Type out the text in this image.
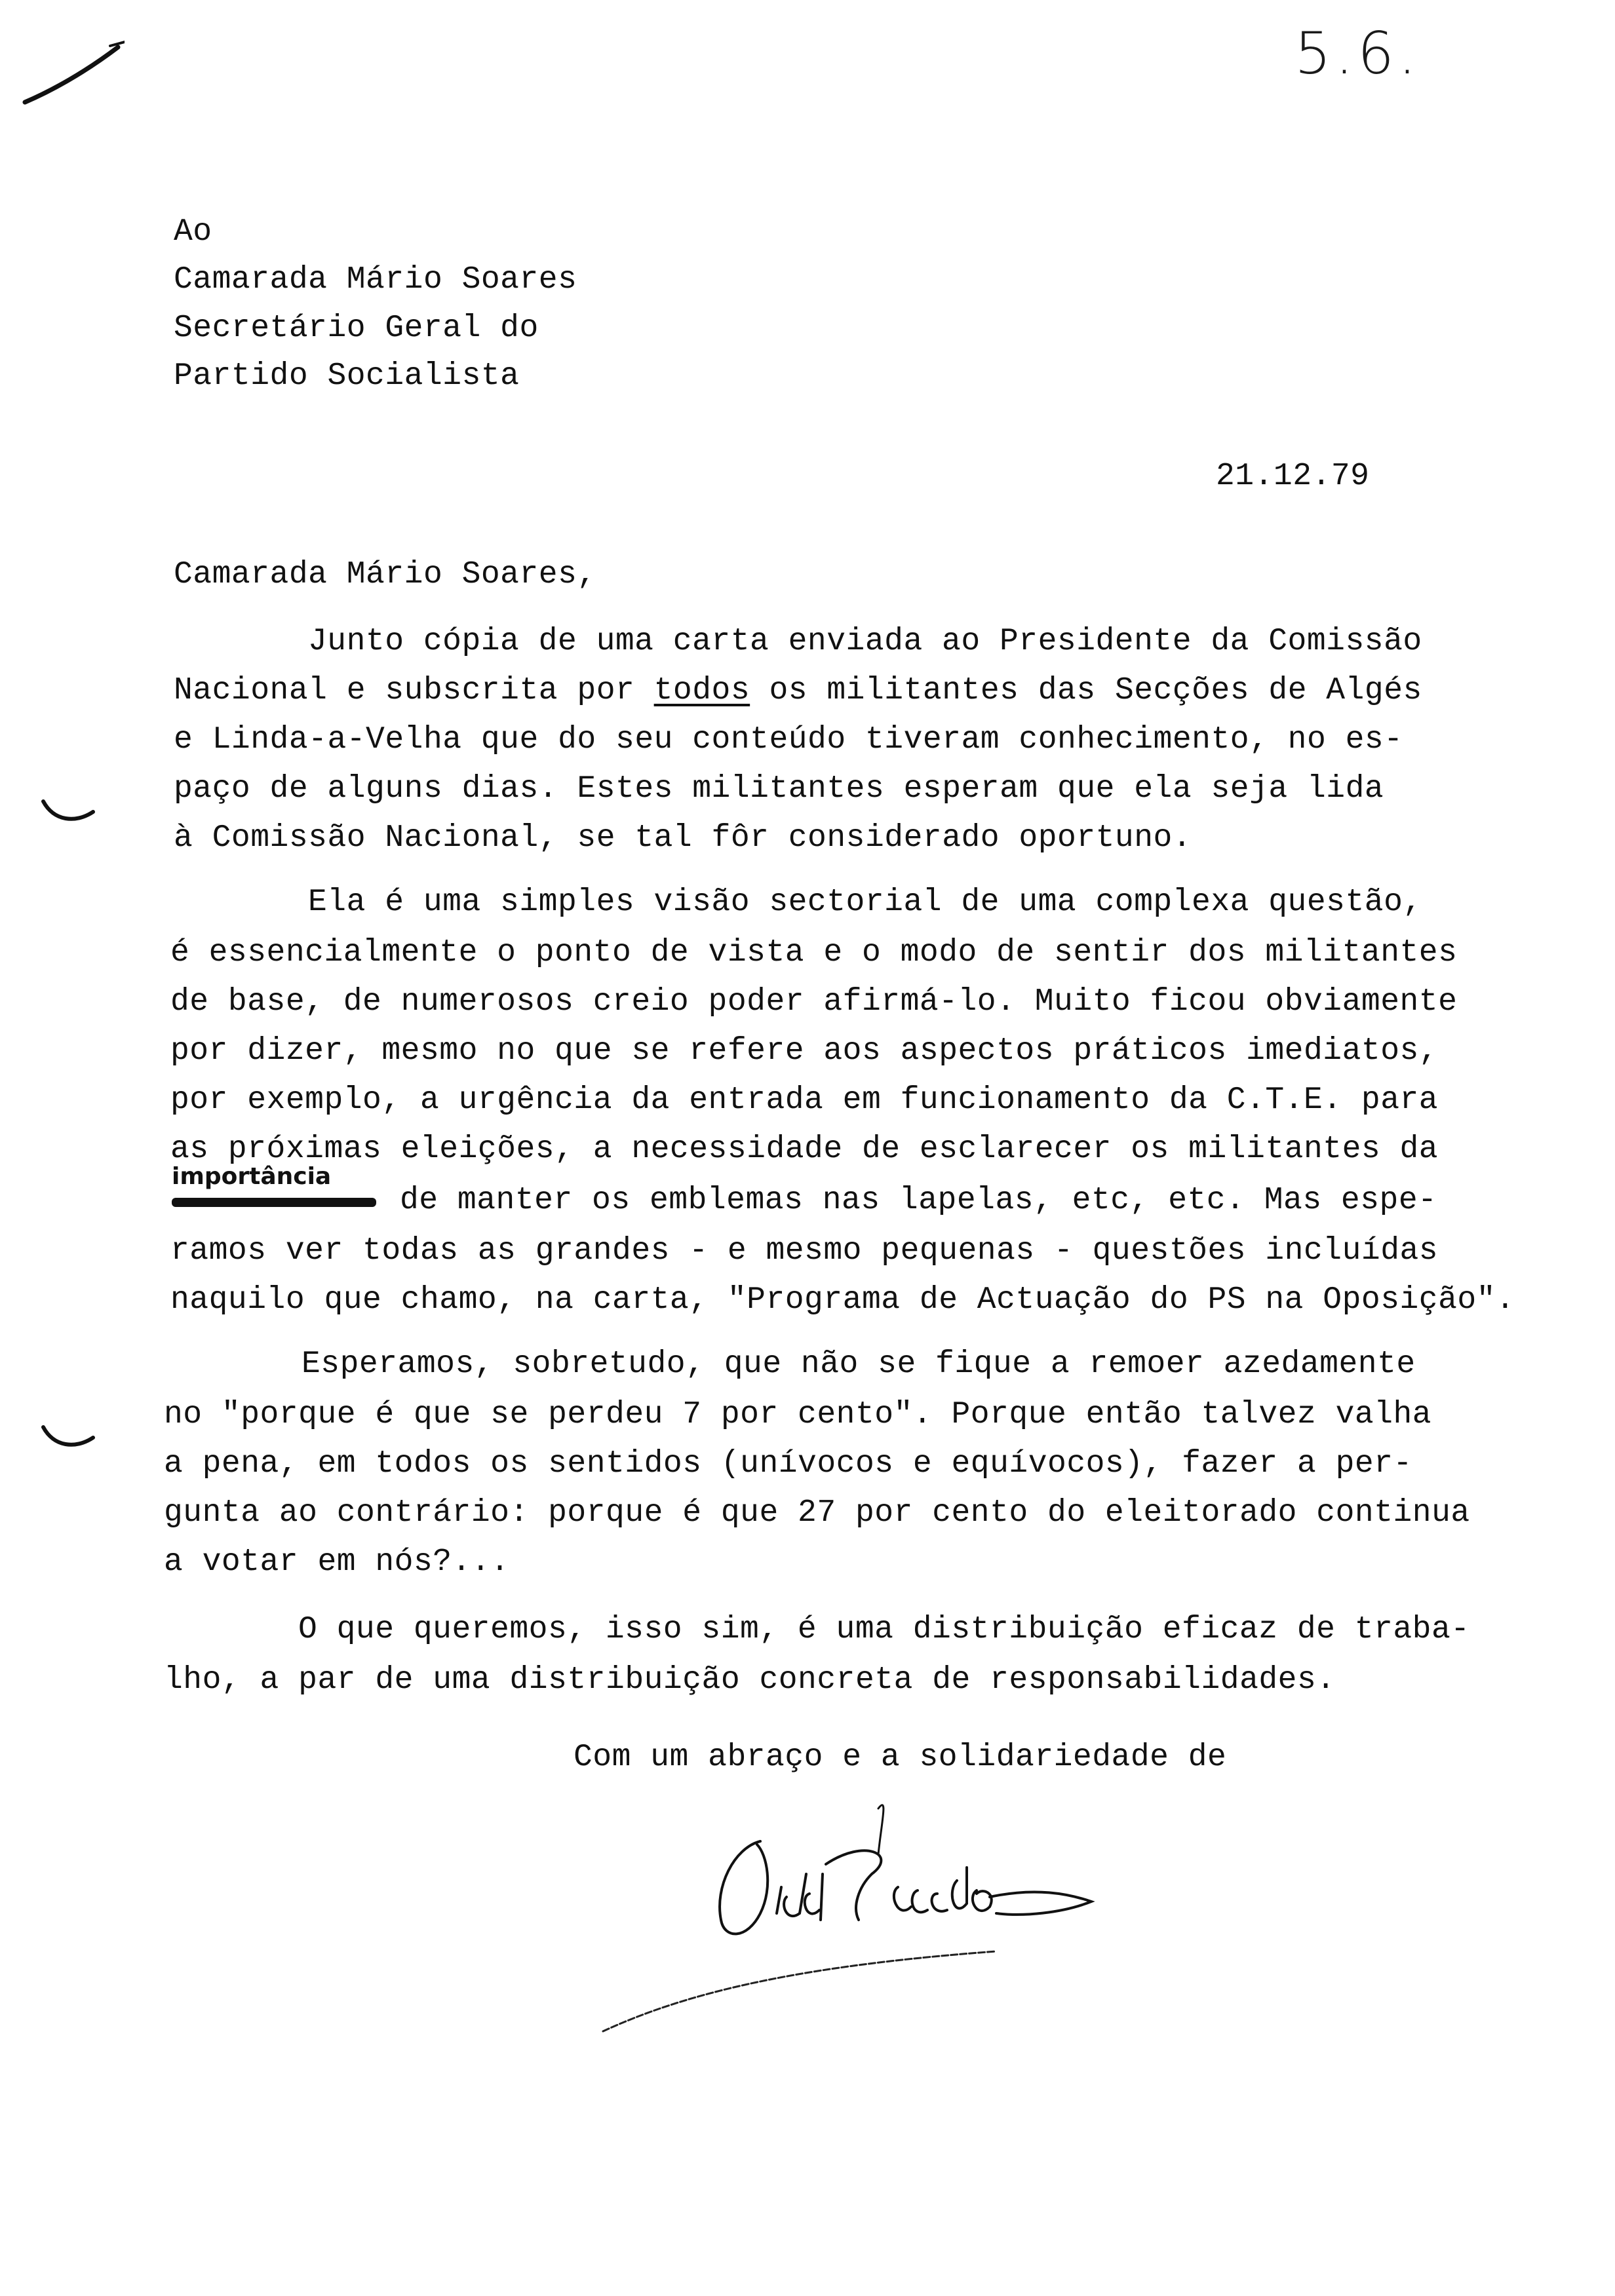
5.6.
Ao
Camarada Mário Soares
Secretário Geral do
Partido Socialista
21.12.79
Camarada Mário Soares,
Junto cópia de uma carta enviada ao Presidente da Comissão
Nacional e subscrita por todos os militantes das Secções de Algés
e Linda-a-Velha que do seu conteúdo tiveram conhecimento, no es-
paço de alguns dias. Estes militantes esperam que ela seja lida
à Comissão Nacional, se tal fôr considerado oportuno.
Ela é uma simples visão sectorial de uma complexa questão,
é essencialmente o ponto de vista e o modo de sentir dos militantes
de base, de numerosos creio poder afirmá-lo. Muito ficou obviamente
por dizer, mesmo no que se refere aos aspectos práticos imediatos,
por exemplo, a urgência da entrada em funcionamento da C.T.E. para
as próximas eleições, a necessidade de esclarecer os militantes da
importância
de manter os emblemas nas lapelas, etc, etc. Mas espe-
ramos ver todas as grandes - e mesmo pequenas - questões incluídas
naquilo que chamo, na carta, "Programa de Actuação do PS na Oposição".
Esperamos, sobretudo, que não se fique a remoer azedamente
no "porque é que se perdeu 7 por cento". Porque então talvez valha
a pena, em todos os sentidos (unívocos e equívocos), fazer a per-
gunta ao contrário: porque é que 27 por cento do eleitorado continua
a votar em nós?...
O que queremos, isso sim, é uma distribuição eficaz de traba-
lho, a par de uma distribuição concreta de responsabilidades.
Com um abraço e a solidariedade de
